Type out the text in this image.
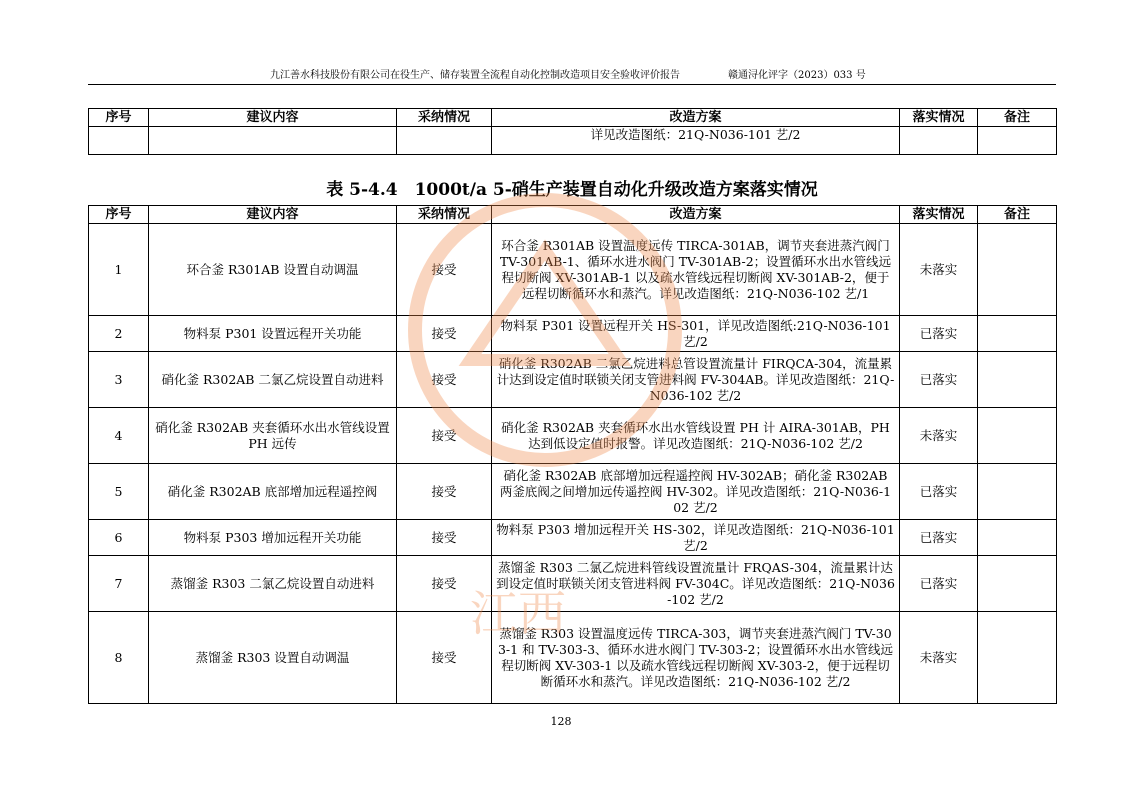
九江善水科技股份有限公司在役生产、储存装置全流程自动化控制改造项目安全验收评价报告	赣通浔化评字（2023）033 号
序号	建议内容	采纳情况	改造方案	落实情况	备注
			详见改造图纸：21Q-N036-101 艺/2		
表 5-4.4　1000t/a 5-硝生产装置自动化升级改造方案落实情况
序号	建议内容	采纳情况	改造方案	落实情况	备注
1	环合釜 R301AB 设置自动调温	接受	环合釜 R301AB 设置温度远传 TIRCA-301AB，调节夹套进蒸汽阀门 TV-301AB-1、循环水进水阀门 TV-301AB-2；设置循环水出水管线远程切断阀 XV-301AB-1 以及疏水管线远程切断阀 XV-301AB-2，便于远程切断循环水和蒸汽。详见改造图纸：21Q-N036-102 艺/1	未落实	
2	物料泵 P301 设置远程开关功能	接受	物料泵 P301 设置远程开关 HS-301，详见改造图纸:21Q-N036-101 艺/2	已落实	
3	硝化釜 R302AB 二氯乙烷设置自动进料	接受	硝化釜 R302AB 二氯乙烷进料总管设置流量计 FIRQCA-304，流量累计达到设定值时联锁关闭支管进料阀 FV-304AB。详见改造图纸：21Q-N036-102 艺/2	已落实	
4	硝化釜 R302AB 夹套循环水出水管线设置 PH 远传	接受	硝化釜 R302AB 夹套循环水出水管线设置 PH 计 AIRA-301AB，PH 达到低设定值时报警。详见改造图纸：21Q-N036-102 艺/2	未落实	
5	硝化釜 R302AB 底部增加远程遥控阀	接受	硝化釜 R302AB 底部增加远程遥控阀 HV-302AB；硝化釜 R302AB 两釜底阀之间增加远传遥控阀 HV-302。详见改造图纸：21Q-N036-102 艺/2	已落实	
6	物料泵 P303 增加远程开关功能	接受	物料泵 P303 增加远程开关 HS-302，详见改造图纸：21Q-N036-101 艺/2	已落实	
7	蒸馏釜 R303 二氯乙烷设置自动进料	接受	蒸馏釜 R303 二氯乙烷进料管线设置流量计 FRQAS-304，流量累计达到设定值时联锁关闭支管进料阀 FV-304C。详见改造图纸：21Q-N036-102 艺/2	已落实	
8	蒸馏釜 R303 设置自动调温	接受	蒸馏釜 R303 设置温度远传 TIRCA-303，调节夹套进蒸汽阀门 TV-303-1 和 TV-303-3、循环水进水阀门 TV-303-2；设置循环水出水管线远程切断阀 XV-303-1 以及疏水管线远程切断阀 XV-303-2，便于远程切断循环水和蒸汽。详见改造图纸：21Q-N036-102 艺/2	未落实	
江西
128
